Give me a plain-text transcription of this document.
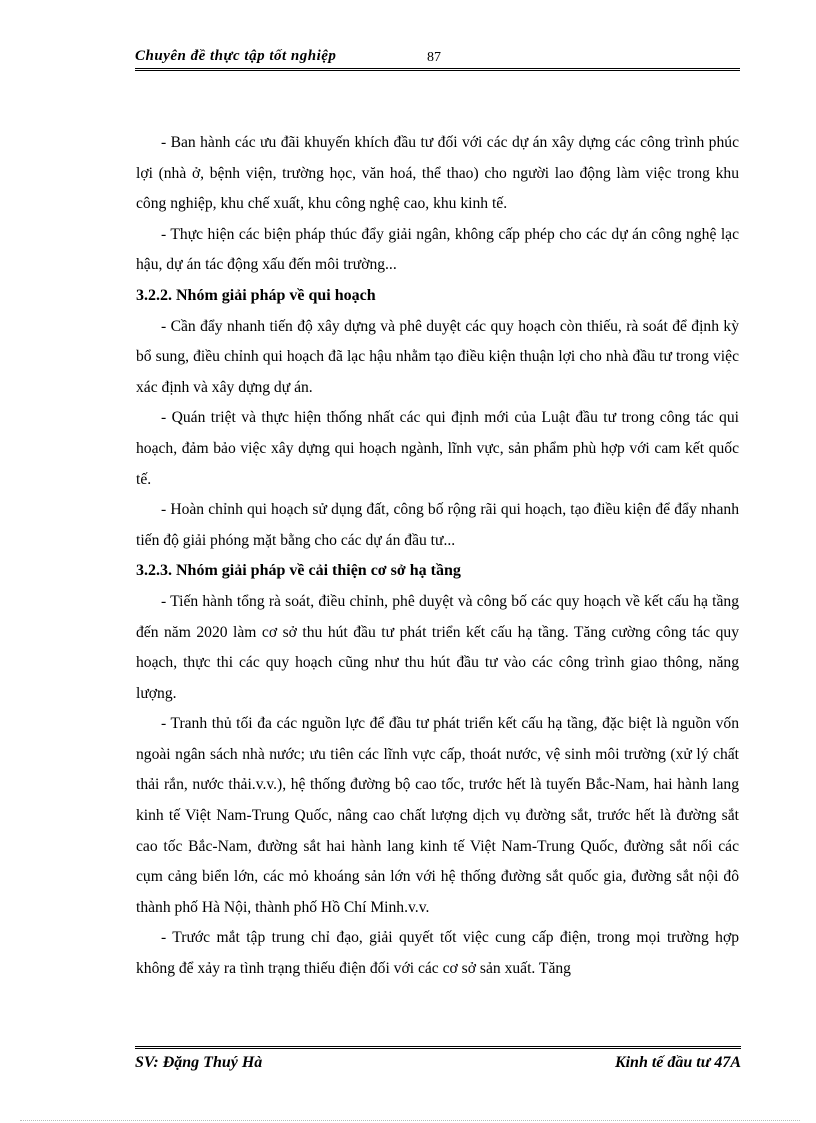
Chuyên đề thực tập tốt nghiệp	87

- Ban hành các ưu đãi khuyến khích đầu tư đối với các dự án xây dựng các công trình phúc lợi (nhà ở, bệnh viện, trường học, văn hoá, thể thao) cho người lao động làm việc trong khu công nghiệp, khu chế xuất, khu công nghệ cao, khu kinh tế.

- Thực hiện các biện pháp thúc đẩy giải ngân, không cấp phép cho các dự án công nghệ lạc hậu, dự án tác động xấu đến môi trường...

3.2.2. Nhóm giải pháp về qui hoạch

- Cần đẩy nhanh tiến độ xây dựng và phê duyệt các quy hoạch còn thiếu, rà soát để định kỳ bổ sung, điều chỉnh qui hoạch đã lạc hậu nhằm tạo điều kiện thuận lợi cho nhà đầu tư trong việc xác định và xây dựng dự án.

- Quán triệt và thực hiện thống nhất các qui định mới của Luật đầu tư trong công tác qui hoạch, đảm bảo việc xây dựng qui hoạch ngành, lĩnh vực, sản phẩm phù hợp với cam kết quốc tế.

- Hoàn chỉnh qui hoạch sử dụng đất, công bố rộng rãi qui hoạch, tạo điều kiện để đẩy nhanh tiến độ giải phóng mặt bằng cho các dự án đầu tư...

3.2.3. Nhóm giải pháp về cải thiện cơ sở hạ tầng

- Tiến hành tổng rà soát, điều chỉnh, phê duyệt và công bố các quy hoạch về kết cấu hạ tầng đến năm 2020 làm cơ sở thu hút đầu tư phát triển kết cấu hạ tầng. Tăng cường công tác quy hoạch, thực thi các quy hoạch cũng như thu hút đầu tư vào các công trình giao thông, năng lượng.

- Tranh thủ tối đa các nguồn lực để đầu tư phát triển kết cấu hạ tầng, đặc biệt là nguồn vốn ngoài ngân sách nhà nước; ưu tiên các lĩnh vực cấp, thoát nước, vệ sinh môi trường (xử lý chất thải rắn, nước thải.v.v.), hệ thống đường bộ cao tốc, trước hết là tuyến Bắc-Nam, hai hành lang kinh tế Việt Nam-Trung Quốc, nâng cao chất lượng dịch vụ đường sắt, trước hết là đường sắt cao tốc Bắc-Nam, đường sắt hai hành lang kinh tế Việt Nam-Trung Quốc, đường sắt nối các cụm cảng biển lớn, các mỏ khoáng sản lớn với hệ thống đường sắt quốc gia, đường sắt nội đô thành phố Hà Nội, thành phố Hồ Chí Minh.v.v.

- Trước mắt tập trung chỉ đạo, giải quyết tốt việc cung cấp điện, trong mọi trường hợp không để xảy ra tình trạng thiếu điện đối với các cơ sở sản xuất. Tăng

SV: Đặng Thuý Hà	Kinh tế đầu tư 47A
